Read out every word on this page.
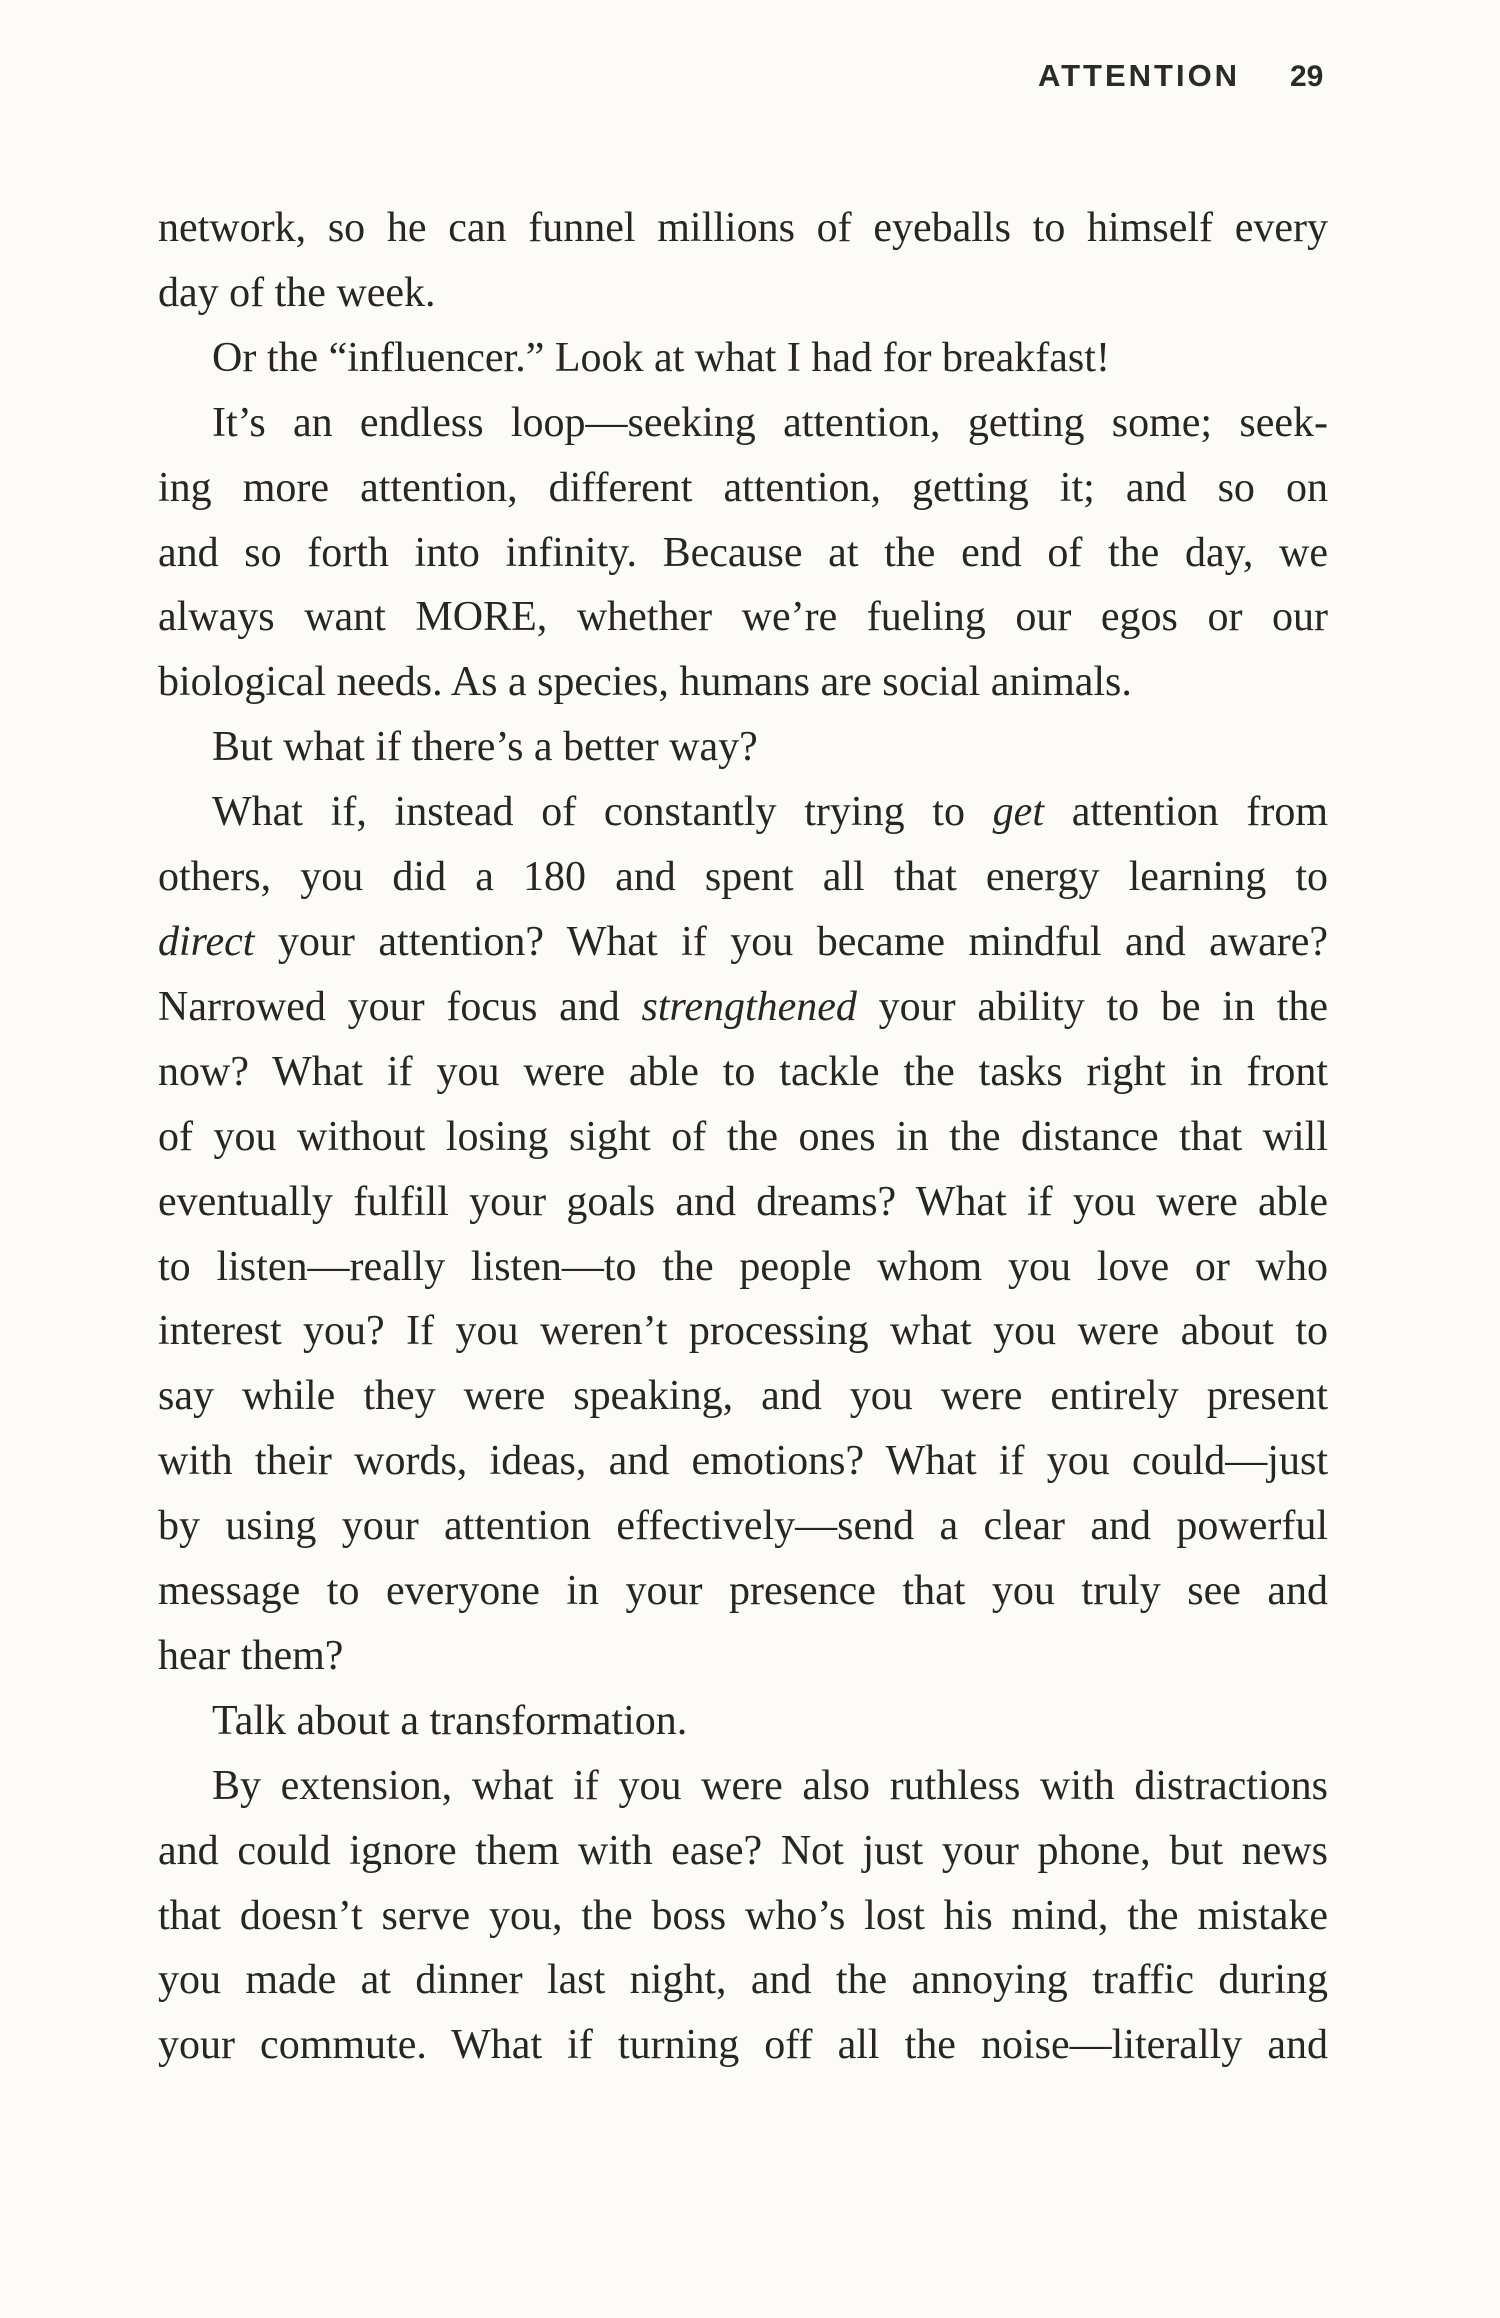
ATTENTION 29
network, so he can funnel millions of eyeballs to himself every
day of the week.
Or the “influencer.” Look at what I had for breakfast!
It’s an endless loop—seeking attention, getting some; seek-
ing more attention, different attention, getting it; and so on
and so forth into infinity. Because at the end of the day, we
always want MORE, whether we’re fueling our egos or our
biological needs. As a species, humans are social animals.
But what if there’s a better way?
What if, instead of constantly trying to get attention from
others, you did a 180 and spent all that energy learning to
direct your attention? What if you became mindful and aware?
Narrowed your focus and strengthened your ability to be in the
now? What if you were able to tackle the tasks right in front
of you without losing sight of the ones in the distance that will
eventually fulfill your goals and dreams? What if you were able
to listen—really listen—to the people whom you love or who
interest you? If you weren’t processing what you were about to
say while they were speaking, and you were entirely present
with their words, ideas, and emotions? What if you could—just
by using your attention effectively—send a clear and powerful
message to everyone in your presence that you truly see and
hear them?
Talk about a transformation.
By extension, what if you were also ruthless with distractions
and could ignore them with ease? Not just your phone, but news
that doesn’t serve you, the boss who’s lost his mind, the mistake
you made at dinner last night, and the annoying traffic during
your commute. What if turning off all the noise—literally and
